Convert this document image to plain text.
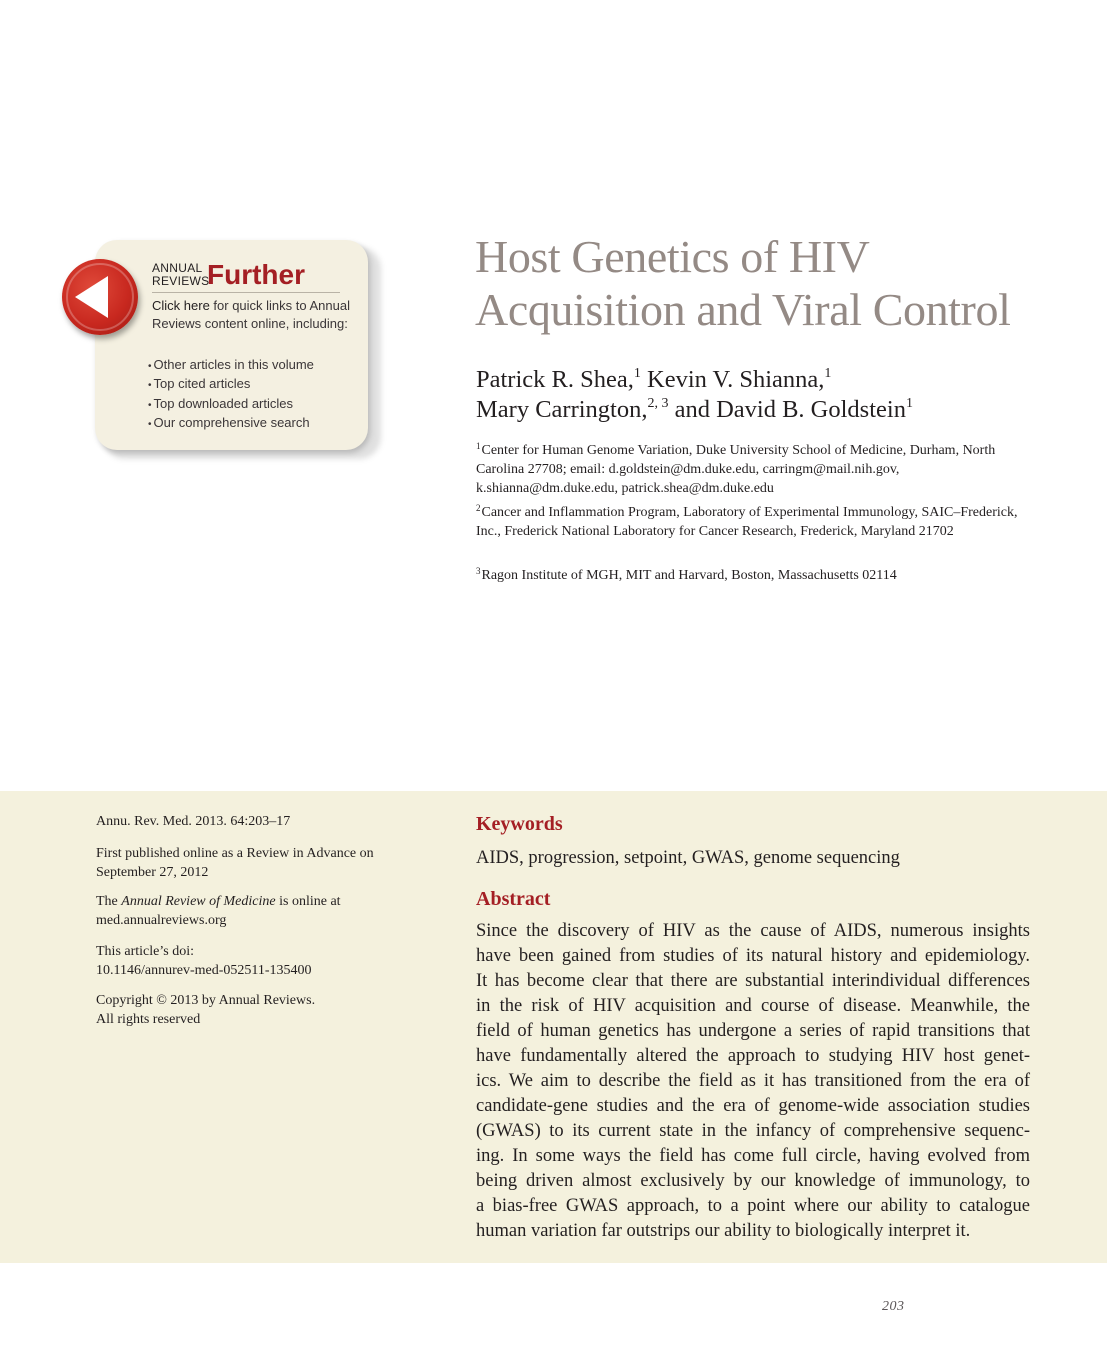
ANNUAL
REVIEWS
Further
Click here for quick links to Annual Reviews content online, including:
• Other articles in this volume
• Top cited articles
• Top downloaded articles
• Our comprehensive search
Host Genetics of HIV
Acquisition and Viral Control
Patrick R. Shea,$^1$ Kevin V. Shianna,$^1$
Mary Carrington,$^{2, 3}$ and David B. Goldstein$^1$

$^1$Center for Human Genome Variation, Duke University School of Medicine, Durham, North Carolina 27708; email: d.goldstein@dm.duke.edu, carringm@mail.nih.gov, k.shianna@dm.duke.edu, patrick.shea@dm.duke.edu

$^2$Cancer and Inflammation Program, Laboratory of Experimental Immunology, SAIC–Frederick, Inc., Frederick National Laboratory for Cancer Research, Frederick, Maryland 21702

$^3$Ragon Institute of MGH, MIT and Harvard, Boston, Massachusetts 02114

Annu. Rev. Med. 2013. 64:203–17

First published online as a Review in Advance on September 27, 2012

The Annual Review of Medicine is online at med.annualreviews.org

This article’s doi:

10.1146/annurev-med-052511-135400

Copyright © 2013 by Annual Reviews.

All rights reserved

Keywords
AIDS, progression, setpoint, GWAS, genome sequencing
Abstract
Since the discovery of HIV as the cause of AIDS, numerous insights
have been gained from studies of its natural history and epidemiology.
It has become clear that there are substantial interindividual differences
in the risk of HIV acquisition and course of disease. Meanwhile, the
field of human genetics has undergone a series of rapid transitions that
have fundamentally altered the approach to studying HIV host genet-
ics. We aim to describe the field as it has transitioned from the era of
candidate-gene studies and the era of genome-wide association studies
(GWAS) to its current state in the infancy of comprehensive sequenc-
ing. In some ways the field has come full circle, having evolved from
being driven almost exclusively by our knowledge of immunology, to
a bias-free GWAS approach, to a point where our ability to catalogue
human variation far outstrips our ability to biologically interpret it.
203
